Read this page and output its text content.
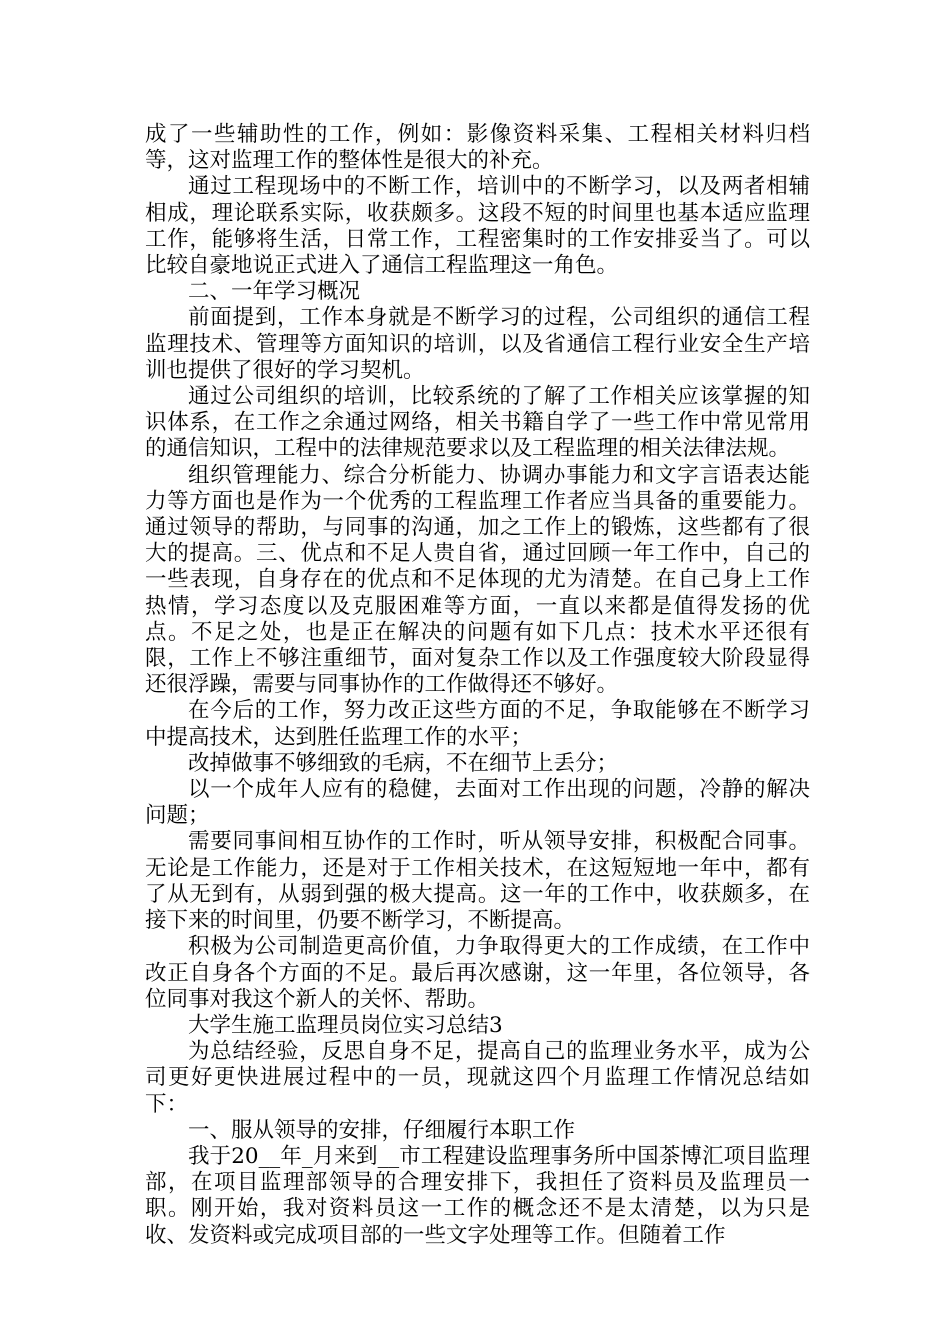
成了一些辅助性的工作，例如：影像资料采集、工程相关材料归档等，这对监理工作的整体性是很大的补充。

通过工程现场中的不断工作，培训中的不断学习，以及两者相辅相成，理论联系实际，收获颇多。这段不短的时间里也基本适应监理工作，能够将生活，日常工作，工程密集时的工作安排妥当了。可以比较自豪地说正式进入了通信工程监理这一角色。

二、一年学习概况

前面提到，工作本身就是不断学习的过程，公司组织的通信工程监理技术、管理等方面知识的培训，以及省通信工程行业安全生产培训也提供了很好的学习契机。

通过公司组织的培训，比较系统的了解了工作相关应该掌握的知识体系，在工作之余通过网络，相关书籍自学了一些工作中常见常用的通信知识，工程中的法律规范要求以及工程监理的相关法律法规。

组织管理能力、综合分析能力、协调办事能力和文字言语表达能力等方面也是作为一个优秀的工程监理工作者应当具备的重要能力。通过领导的帮助，与同事的沟通，加之工作上的锻炼，这些都有了很大的提高。三、优点和不足人贵自省，通过回顾一年工作中，自己的一些表现，自身存在的优点和不足体现的尤为清楚。在自己身上工作热情，学习态度以及克服困难等方面，一直以来都是值得发扬的优点。不足之处，也是正在解决的问题有如下几点：技术水平还很有限，工作上不够注重细节，面对复杂工作以及工作强度较大阶段显得还很浮躁，需要与同事协作的工作做得还不够好。

在今后的工作，努力改正这些方面的不足，争取能够在不断学习中提高技术，达到胜任监理工作的水平；

改掉做事不够细致的毛病，不在细节上丢分；

以一个成年人应有的稳健，去面对工作出现的问题，冷静的解决问题；

需要同事间相互协作的工作时，听从领导安排，积极配合同事。无论是工作能力，还是对于工作相关技术，在这短短地一年中，都有了从无到有，从弱到强的极大提高。这一年的工作中，收获颇多，在接下来的时间里，仍要不断学习，不断提高。

积极为公司制造更高价值，力争取得更大的工作成绩，在工作中改正自身各个方面的不足。最后再次感谢，这一年里，各位领导，各位同事对我这个新人的关怀、帮助。

大学生施工监理员岗位实习总结3

为总结经验，反思自身不足，提高自己的监理业务水平，成为公司更好更快进展过程中的一员，现就这四个月监理工作情况总结如下：

一、服从领导的安排，仔细履行本职工作

我于20__年_月来到__市工程建设监理事务所中国茶博汇项目监理部，在项目监理部领导的合理安排下，我担任了资料员及监理员一职。刚开始，我对资料员这一工作的概念还不是太清楚，以为只是收、发资料或完成项目部的一些文字处理等工作。但随着工作
